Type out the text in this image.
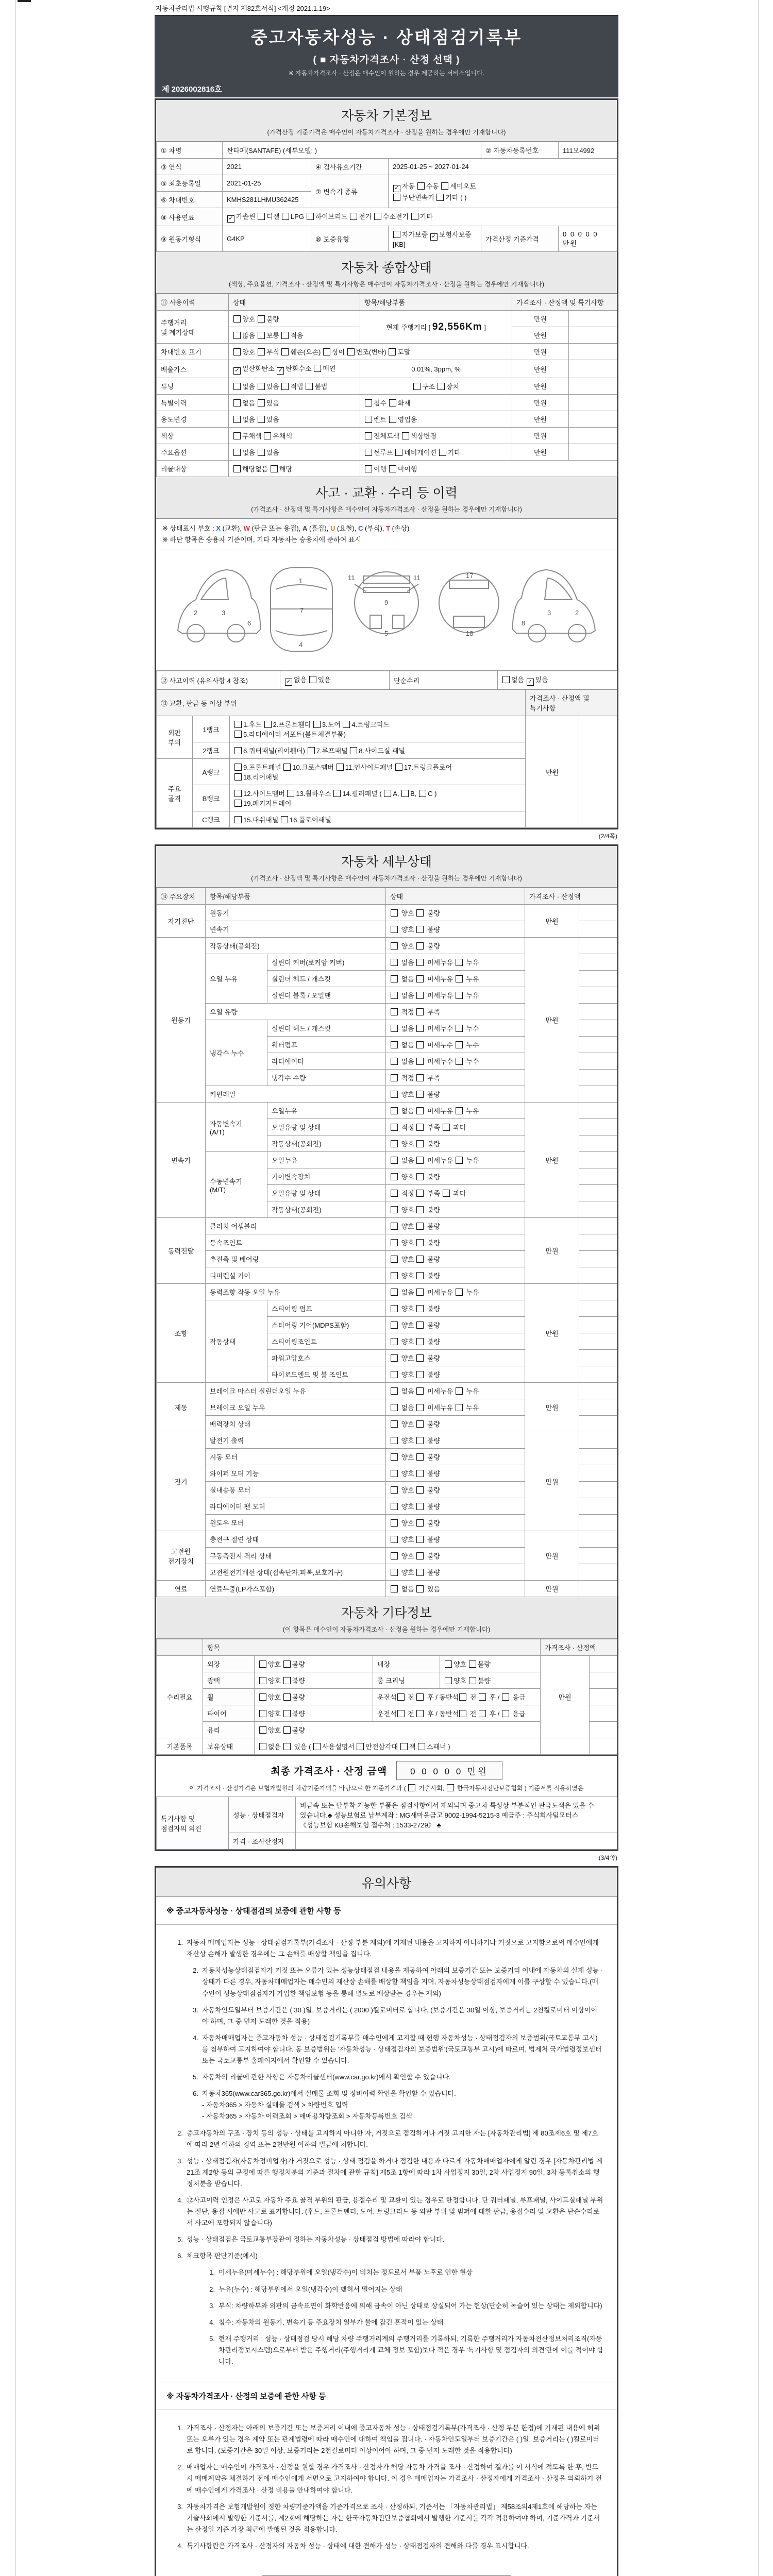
자동차관리법 시행규칙 [별지 제82호서식] <개정 2021.1.19>
중고자동차성능 · 상태점검기록부
( ■ 자동차가격조사 · 산정 선택 )
※ 자동차가격조사 · 산정은 매수인이 원하는 경우 제공하는 서비스입니다.
제 2026002816호
자동차 기본정보
(가격산정 기준가격은 매수인이 자동차가격조사 · 산정을 원하는 경우에만 기재합니다)
① 차명	싼타페(SANTAFE) (세부모델: )			② 자동차등록번호	111모4992
③ 연식	2021	④ 검사유효기간	2025-01-25 ~ 2027-01-24		
⑤ 최초등록일	2021-01-25	⑦ 변속기 종류	✓ 자동 수동 세미오토
무단변속기 기타 ( )		
⑥ 차대번호	KMHS281LHMU362425				
⑧ 사용연료	✓ 가솔린 디젤 LPG 하이브리드 전기 수소전기 기타				
⑨ 원동기형식	G4KP	⑩ 보증유형	자가보증 ✓ 보험사보증 [KB]	가격산정 기준가격	0 0 0 0 0 만원
자동차 종합상태
(색상, 주요옵션, 가격조사 · 산정액 및 특기사항은 매수인이 자동차가격조사 · 산정을 원하는 경우에만 기재합니다)
⑪ 사용이력	상태	항목/해당부품	가격조사 · 산정액 및 특기사항	
주행거리
및 계기상태	양호 불량	현재 주행거리 [ 92,556Km ]	만원	
	많음 보통 적음		만원	
차대번호 표기	양호 부식 훼손(오손) 상이 변조(변타) 도말		만원	
배출가스	✓ 일산화탄소 ✓ 탄화수소 매연	0.01%, 3ppm, %	만원	
튜닝	없음 있음 적법 불법	구조 장치	만원	
특별이력	없음 있음	침수 화재	만원	
용도변경	없음 있음	렌트 영업용	만원	
색상	무채색 유채색	전체도색 색상변경	만원	
주요옵션	없음 있음	썬루프 네비게이션 기타	만원	
리콜대상	해당없음 해당	이행 미이행		
사고 · 교환 · 수리 등 이력
(가격조사 · 산정액 및 특기사항은 매수인이 자동차가격조사 · 산정을 원하는 경우에만 기재합니다)
※ 상태표시 부호 : X (교환), W (판금 또는 용접), A (흠집), U (요철), C (부식), T (손상)
※ 하단 항목은 승용차 기준이며, 기타 자동차는 승용차에 준하여 표시
2	3
6
1
7
4
11	11
9
5
17
18
2
3
8
⑫ 사고이력 (유의사항 4 참조)	✓ 없음 있음	단순수리	없음 ✓ 있음
⑬ 교환, 판금 등 이상 부위			가격조사 · 산정액 및 특기사항	
외판
부위	1랭크	1.후드 2.프론트휀더 3.도어 4.트렁크리드
5.라디에이터 서포트(볼트체결부품)	만원	
	2랭크	6.쿼터패널(리어휀더) 7.루프패널 8.사이드실 패널		
주요
골격	A랭크	9.프론트패널 10.크로스멤버 11.인사이드패널 17.트렁크플로어
18.리어패널		
	B랭크	12.사이드멤버 13.휠하우스 14.필러패널 ( A, B, C )
19.패키지트레이		
	C랭크	15.대쉬패널 16.플로어패널		
(2/4쪽)
자동차 세부상태
(가격조사 · 산정액 및 특기사항은 매수인이 자동차가격조사 · 산정을 원하는 경우에만 기재합니다)
⑭ 주요장치	항목/해당부품		상태	가격조사 · 산정액	
자기진단	원동기		양호  불량	만원	
	변속기		양호  불량		
원동기	작동상태(공회전)		양호  불량	만원	
	오일 누유	실린더 커버(로커암 커버)	없음  미세누유  누유		
		실린더 헤드 / 개스킷	없음  미세누유  누유		
		실린더 블록 / 오일팬	없음  미세누유  누유		
	오일 유량		적정  부족		
	냉각수 누수	실린더 헤드 / 개스킷	없음  미세누수  누수		
		워터펌프	없음  미세누수  누수		
		라디에이터	없음  미세누수  누수		
		냉각수 수량	적정  부족		
	커먼레일		양호  불량		
변속기	자동변속기
(A/T)	오일누유	없음  미세누유  누유	만원	
		오일유량 및 상태	적정  부족  과다		
		작동상태(공회전)	양호  불량		
	수동변속기
(M/T)	오일누유	없음  미세누유  누유		
		기어변속장치	양호  불량		
		오일유량 및 상태	적정  부족  과다		
		작동상태(공회전)	양호  불량		
동력전달	클러치 어셈블리		양호  불량	만원	
	등속죠인트		양호  불량		
	추진축 및 베어링		양호  불량		
	디퍼렌셜 기어		양호  불량		
조향	동력조향 작동 오일 누유		없음  미세누유  누유	만원	
	작동상태	스티어링 펌프	양호  불량		
		스티어링 기어(MDPS포함)	양호  불량		
		스티어링조인트	양호  불량		
		파워고압호스	양호  불량		
		타이로드엔드 및 볼 조인트	양호  불량		
제동	브레이크 마스터 실린더오일 누유		없음  미세누유  누유	만원	
	브레이크 오일 누유		없음  미세누유  누유		
	배력장치 상태		양호  불량		
전기	발전기 출력		양호  불량	만원	
	시동 모터		양호  불량		
	와이퍼 모터 기능		양호  불량		
	실내송풍 모터		양호  불량		
	라디에이터 팬 모터		양호  불량		
	윈도우 모터		양호  불량		
고전원
전기장치	충전구 절연 상태		양호  불량	만원	
	구동축전지 격리 상태		양호  불량		
	고전원전기배선 상태(접속단자,피복,보호기구)		양호  불량		
연료	연료누출(LP가스포함)		없음  있음	만원	
자동차 기타정보
(이 항목은 매수인이 자동차가격조사 · 산정을 원하는 경우에만 기재합니다)
	항목				가격조사 · 산정액	
수리필요	외장	양호 불량	내장	양호 불량	만원	
	광택	양호 불량	룸 크리닝	양호 불량		
	휠	양호 불량	운전석 전  후 / 동반석 전  후 /  응급			
	타이어	양호 불량	운전석 전  후 / 동반석 전  후 /  응급			
	유리	양호 불량				
기본품목	보유상태	없음  있음 ( 사용설명서 안전삼각대 잭 스패너 )				
최종 가격조사 · 산정 금액	0 0 0 0 0 만원
이 가격조사 · 산정가격은 보험개발원의 차량기준가액을 바탕으로 한 기준가격과 (  기술사회,  한국자동차진단보증협회 ) 기준서를 적용하였음
특기사항 및
점검자의 의견	성능 · 상태점검자	비금속 또는 탈부착 가능한 부품은 점검사항에서 제외되며 중고차 특성상 부분적인 판금도색은 있을 수 있습니다.♣ 성능보험료 납부계좌 : MG새마을금고 9002-1994-5215-3 예금주 : 주식회사팀모터스 《성능보험 KB손해보험 접수처 : 1533-2729》 ♣
	가격 · 조사산정자	
(3/4쪽)
유의사항
※ 중고자동차성능 · 상태점검의 보증에 관한 사항 등
1. 자동차 매매업자는 성능 · 상태점검기록부(가격조사 · 산정 부분 제외)에 기재된 내용을 고지하지 아니하거나 거짓으로 고지함으로써 매수인에게 재산상 손해가 발생한 경우에는 그 손해를 배상할 책임을 집니다.
2. 자동차성능상태점검자가 거짓 또는 오류가 있는 성능상태점검 내용을 제공하여 아래의 보증기간 또는 보증거리 이내에 자동차의 실제 성능 · 상태가 다른 경우, 자동차매매업자는 매수인의 재산상 손해를 배상할 책임을 지며, 자동차성능상태점검자에게 이를 구상할 수 있습니다.(매수인이 성능상태점검자가 가입한 책임보험 등을 통해 별도로 배상받는 경우는 제외)
3. 자동차인도일부터 보증기간은 ( 30 )일, 보증거리는 ( 2000 )킬로미터로 합니다. (보증기간은 30일 이상, 보증거리는 2천킬로미터 이상이어야 하며, 그 중 먼저 도래한 것을 적용)
4. 자동차매매업자는 중고자동차 성능 · 상태점검기록부를 매수인에게 고지할 때 현행 자동차성능 · 상태점검자의 보증범위(국토교통부 고시)를 첨부하여 고지하여야 합니다. 동 보증범위는 '자동차성능 · 상태점검자의 보증범위'(국토교통부 고시)에 따르며, 법제처 국가법령정보센터 또는 국토교통부 홈페이지에서 확인할 수 있습니다.
5. 자동차의 리콜에 관한 사항은 자동차리콜센터(www.car.go.kr)에서 확인할 수 있습니다.
6. 자동차365(www.car365.go.kr)에서 실매물 조회 및 정비이력 확인을 확인할 수 있습니다.
- 자동차365 > 자동차 실매물 검색 > 차량번호 입력
- 자동차365 > 자동차 이력조회 > 매매용차량조회 > 자동차등록번호 검색
2. 중고자동차의 구조 · 장치 등의 성능 · 상태를 고지하지 아니한 자, 거짓으로 점검하거나 거짓 고지한 자는 [자동차관리법] 제 80조제6호 및 제7호에 따라 2년 이하의 징역 또는 2천만원 이하의 벌금에 처합니다.
3. 성능 · 상태점검자(자동차정비업자)가 거짓으로 성능 · 상태 점검을 하거나 점검한 내용과 다르게 자동차매매업자에게 알린 경우 [자동차관리법 제21조 제2항 등의 규정에 따른 행정처분의 기준과 절차에 관한 규칙] 제5조 1항에 따라 1차 사업정지 30일, 2차 사업정지 90일, 3차 등록취소의 행정처분을 받습니다.
4. ⑫사고이력 인정은 사고로 자동차 주요 골격 부위의 판금, 용접수리 및 교환이 있는 경우로 한정합니다. 단 쿼터패널, 루프패널, 사이드실패널 부위는 절단, 용접 시에만 사고로 표기합니다. (후드, 프론트펜더, 도어, 트렁크리드 등 외판 부위 및 범퍼에 대한 판금, 용접수리 및 교환은 단순수리로서 사고에 포함되지 않습니다)
5. 성능 · 상태점검은 국토교통부장관이 정하는 자동차성능 · 상태점검 방법에 따라야 합니다.
6. 체크항목 판단기준(예시)
1. 미세누유(미세누수) : 해당부위에 오일(냉각수)이 비치는 정도로서 부품 노후로 인한 현상
2. 누유(누수) : 해당부위에서 오일(냉각수)이 맺혀서 떨어지는 상태
3. 부식: 차량하부와 외판의 금속표면이 화학반응에 의해 금속이 아닌 상태로 상실되어 가는 현상(단순히 녹슬어 있는 상태는 제외합니다)
4. 침수: 자동차의 원동기, 변속기 등 주요장치 일부가 물에 잠긴 흔적이 있는 상태
5. 현재 주행거리 : 성능 · 상태점검 당시 해당 차량 주행거리계의 주행거리를 기록하되, 기록한 주행거리가 자동차전산정보처리조직(자동차관리정보시스템)으로부터 받은 주행거리(주행거리계 교체 정보 포함)보다 적은 경우 '특기사항 및 점검자의 의견'란에 이를 적어야 합니다.
※ 자동차가격조사 · 산정의 보증에 관한 사항 등
1. 가격조사 · 산정자는 아래의 보증기간 또는 보증거리 이내에 중고자동차 성능 · 상태점검기록부(가격조사 · 산정 부분 한정)에 기재된 내용에 허위 또는 오류가 있는 경우 계약 또는 관계법령에 따라 매수인에 대하여 책임을 집니다. · 자동차인도일부터 보증기간은 ( )일, 보증거리는 ( )킬로미터로 합니다. (보증기간은 30일 이상, 보증거리는 2천킬로미터 이상이어야 하며, 그 중 먼저 도래한 것을 적용합니다)
2. 매매업자는 매수인이 가격조사 · 산정을 원할 경우 가격조사 · 산정자가 해당 자동차 가격을 조사 · 산정하여 결과를 이 서식에 적도록 한 후, 반드시 매매계약을 체결하기 전에 매수인에게 서면으로 고지하여야 합니다. 이 경우 매매업자는 가격조사 · 산정자에게 가격조사 · 산정을 의뢰하기 전에 매수인에게 가격조사 · 산정 비용을 안내하여야 합니다.
3. 자동차가격은 보험개발원이 정한 차량기준가액을 기준가격으로 조사 · 산정하되, 기준서는 「자동차관리법」 제58조의4제1호에 해당하는 자는 기술사회에서 발행한 기준서를, 제2호에 해당하는 자는 한국자동차진단보증협회에서 발행한 기준서를 각각 적용하여야 하며, 기준가격과 기준서는 산정일 기준 가장 최근에 발행된 것을 적용합니다.
4. 특기사항란은 가격조사 · 산정자의 자동차 성능 · 상태에 대한 견해가 성능 · 상태점검자의 견해와 다를 경우 표시합니다.
